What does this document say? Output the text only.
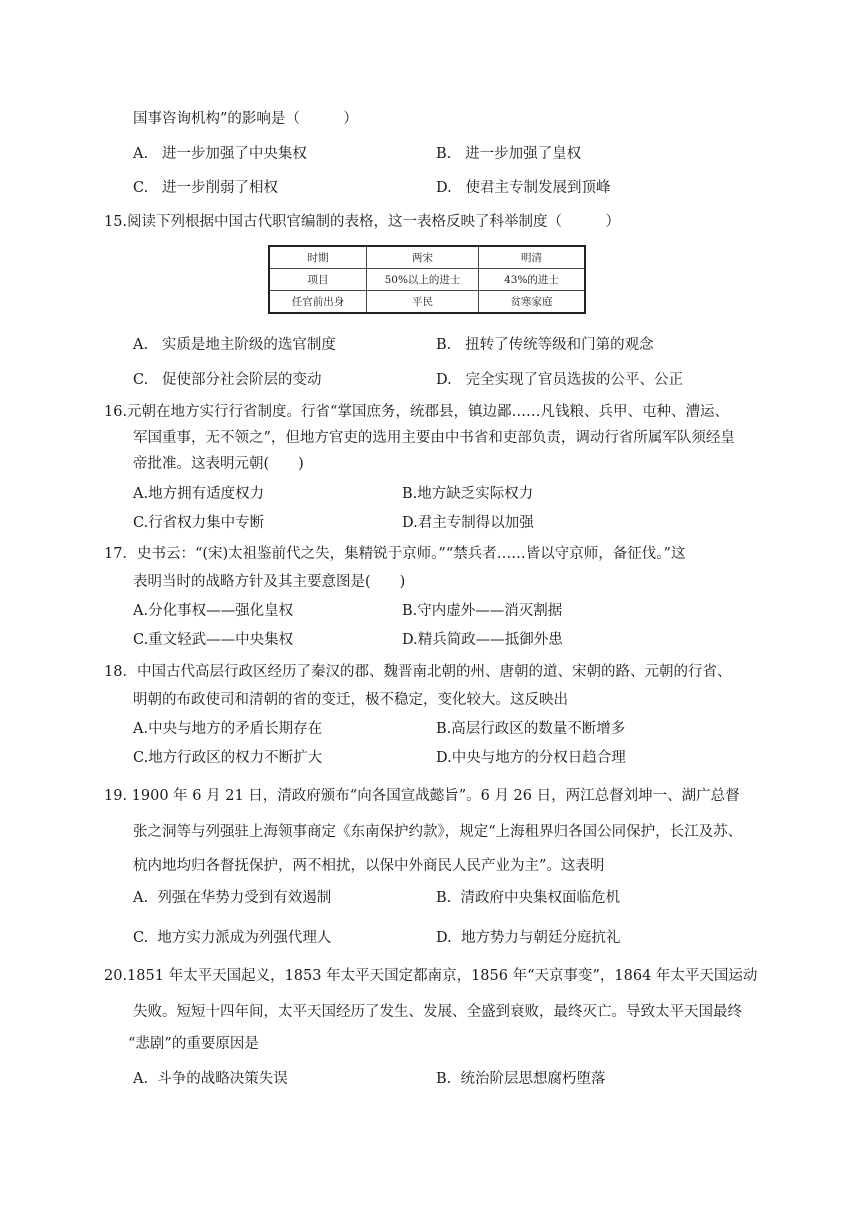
国事咨询机构”的影响是（　　　）
A. 进一步加强了中央集权	B. 进一步加强了皇权
C. 进一步削弱了相权	D. 使君主专制发展到顶峰
15.阅读下列根据中国古代职官编制的表格，这一表格反映了科举制度（　　　）
时期	两宋	明清
项目	50%以上的进士	43%的进士
任官前出身	平民	贫寒家庭
A. 实质是地主阶级的选官制度	B. 扭转了传统等级和门第的观念
C. 促使部分社会阶层的变动	D. 完全实现了官员选拔的公平、公正
16.元朝在地方实行行省制度。行省“掌国庶务，统郡县，镇边鄙……凡钱粮、兵甲、屯种、漕运、
军国重事，无不领之”，但地方官吏的选用主要由中书省和吏部负责，调动行省所属军队须经皇
帝批准。这表明元朝(　　)
A.地方拥有适度权力	B.地方缺乏实际权力
C.行省权力集中专断	D.君主专制得以加强
17．史书云：“(宋)太祖鉴前代之失，集精锐于京师。”“禁兵者……皆以守京师，备征伐。”这
表明当时的战略方针及其主要意图是(　　)
A.分化事权——强化皇权	B.守内虚外——消灭割据
C.重文轻武——中央集权	D.精兵简政——抵御外患
18．中国古代高层行政区经历了秦汉的郡、魏晋南北朝的州、唐朝的道、宋朝的路、元朝的行省、
明朝的布政使司和清朝的省的变迁，极不稳定，变化较大。这反映出
A.中央与地方的矛盾长期存在	B.高层行政区的数量不断增多
C.地方行政区的权力不断扩大	D.中央与地方的分权日趋合理
19. 1900 年 6 月 21 日，清政府颁布“向各国宣战懿旨”。6 月 26 日，两江总督刘坤一、湖广总督
张之洞等与列强驻上海领事商定《东南保护约款》，规定“上海租界归各国公同保护，长江及苏、
杭内地均归各督抚保护，两不相扰，以保中外商民人民产业为主”。这表明
A. 列强在华势力受到有效遏制	B. 清政府中央集权面临危机
C. 地方实力派成为列强代理人	D. 地方势力与朝廷分庭抗礼
20.1851 年太平天国起义，1853 年太平天国定都南京，1856 年“天京事变”，1864 年太平天国运动
失败。短短十四年间，太平天国经历了发生、发展、全盛到衰败，最终灭亡。导致太平天国最终
“悲剧”的重要原因是
A. 斗争的战略决策失误	B. 统治阶层思想腐朽堕落
